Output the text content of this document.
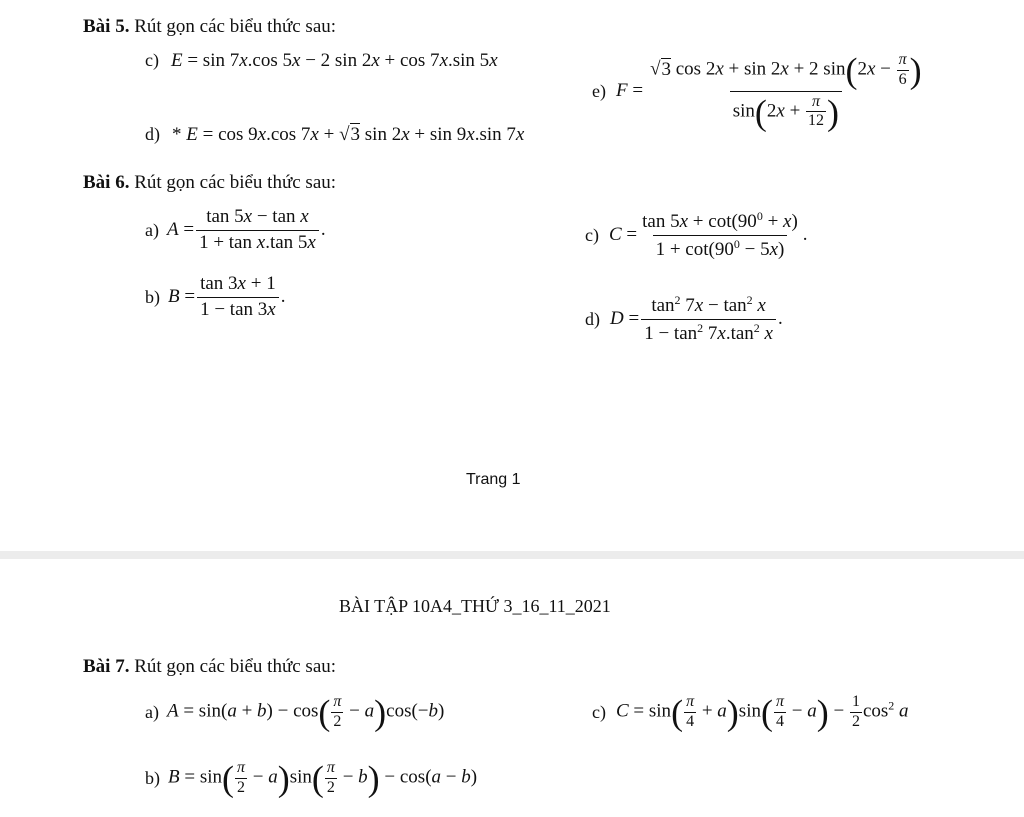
Bài 5. Rút gọn các biểu thức sau:
c) E = sin 7x.cos 5x − 2 sin 2x + cos 7x.sin 5x
d) * E = cos 9x.cos 7x + √3 sin 2x + sin 9x.sin 7x
e) $F = \frac{√3 \cos 2x + \sin 2x + 2 \sin(2x - \frac{\pi}{6} )}{\sin(2x + \frac{\pi}{12} )}$
Bài 6. Rút gọn các biểu thức sau:
a) $A = \frac{\text{tan 5x − tan x}}{\text{1 + tan x.tan 5x}}$ .
b) $B = \frac{\tan 3x + 1}{1 - \tan 3x}$ .
c) $C = \frac{\tan 5x + \cot(90^0 + x)}{1 + \cot(90^0 - 5x)}$ .
d) $D = \frac{\tan^2 7x - \tan^2 x}{1 - \tan^2 7x.\tan^2 x}$ .
Trang 1
BÀI TẬP 10A4_THỨ 3_16_11_2021
Bài 7. Rút gọn các biểu thức sau:
a) $A = \sin(a + b) - \cos( \frac{\pi}{2} - a)\cos(-b)$
b) $B = \sin( \frac{\pi}{2} - a)\sin( \frac{\pi}{2} - b) - \cos(a - b)$
c) $C = \sin( \frac{\pi}{4} + a)\sin( \frac{\pi}{4} - a) - \frac{1}{2} \cos^2 a$
